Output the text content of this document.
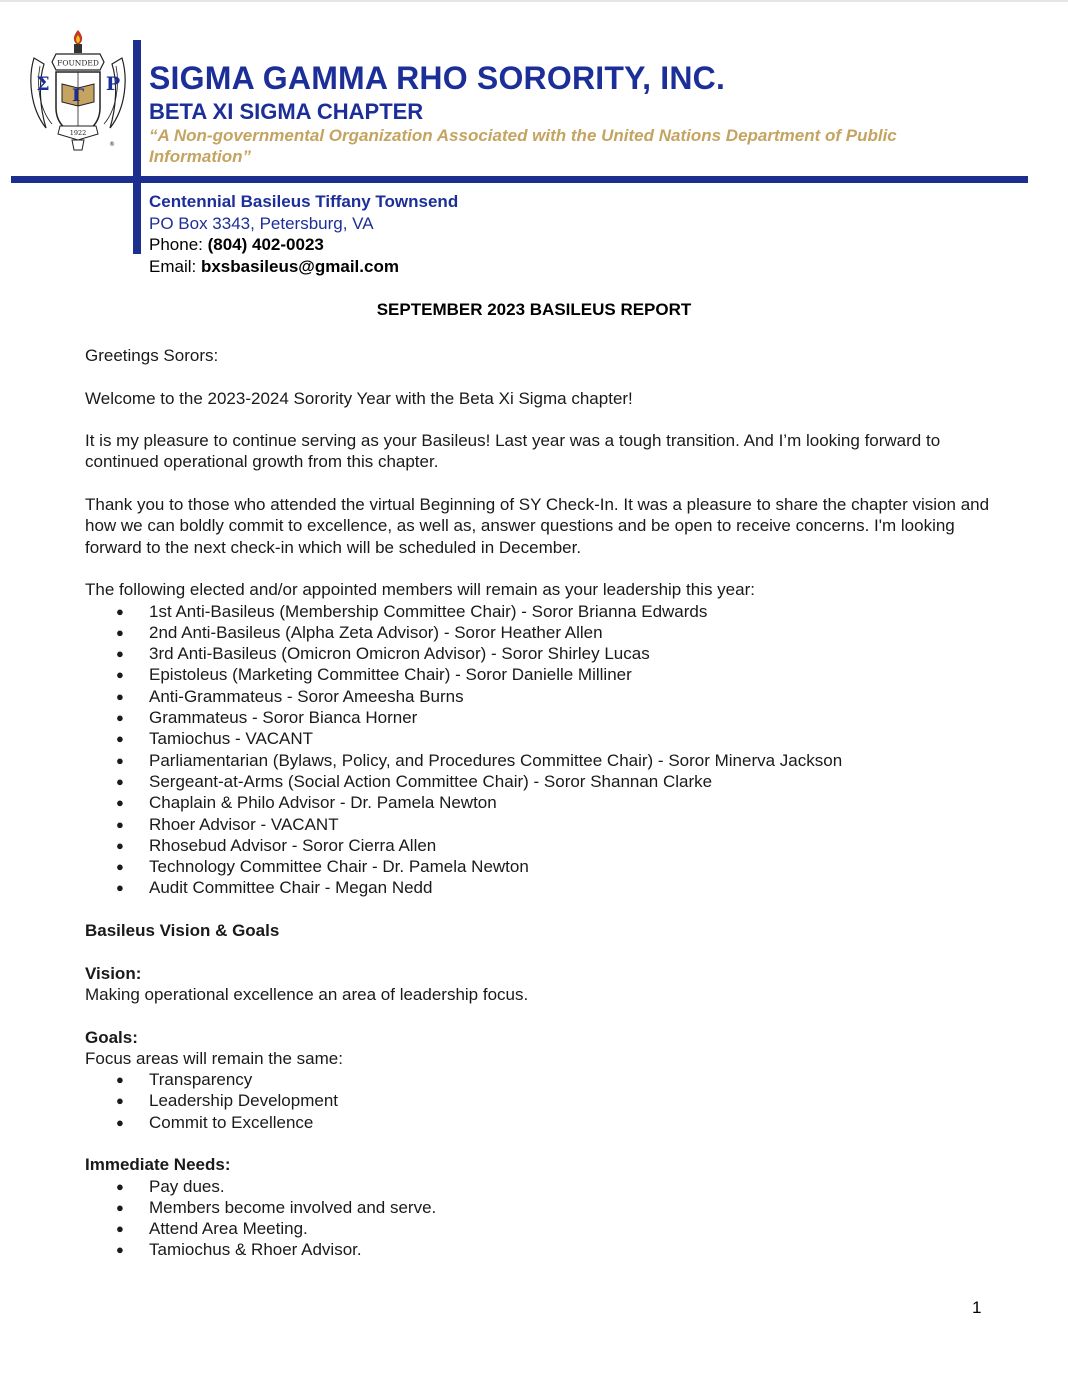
FOUNDED
Σ
Γ
Ρ
1922
®
SIGMA GAMMA RHO SORORITY, INC.
BETA XI SIGMA CHAPTER
“A Non-governmental Organization Associated with the United Nations Department of Public Information”
Centennial Basileus Tiffany Townsend
PO Box 3343, Petersburg, VA
Phone: (804) 402-0023
Email: bxsbasileus@gmail.com
SEPTEMBER 2023 BASILEUS REPORT

Greetings Sorors:

Welcome to the 2023-2024 Sorority Year with the Beta Xi Sigma chapter!

It is my pleasure to continue serving as your Basileus! Last year was a tough transition. And I’m looking forward to continued operational growth from this chapter.

Thank you to those who attended the virtual Beginning of SY Check-In. It was a pleasure to share the chapter vision and how we can boldly commit to excellence, as well as, answer questions and be open to receive concerns. I'm looking forward to the next check-in which will be scheduled in December.

The following elected and/or appointed members will remain as your leadership this year:

● 1st Anti-Basileus (Membership Committee Chair) - Soror Brianna Edwards
● 2nd Anti-Basileus (Alpha Zeta Advisor) - Soror Heather Allen
● 3rd Anti-Basileus (Omicron Omicron Advisor) - Soror Shirley Lucas
● Epistoleus (Marketing Committee Chair) - Soror Danielle Milliner
● Anti-Grammateus - Soror Ameesha Burns
● Grammateus - Soror Bianca Horner
● Tamiochus - VACANT
● Parliamentarian (Bylaws, Policy, and Procedures Committee Chair) - Soror Minerva Jackson
● Sergeant-at-Arms (Social Action Committee Chair) - Soror Shannan Clarke
● Chaplain & Philo Advisor - Dr. Pamela Newton
● Rhoer Advisor - VACANT
● Rhosebud Advisor - Soror Cierra Allen
● Technology Committee Chair - Dr. Pamela Newton
● Audit Committee Chair - Megan Nedd
Basileus Vision & Goals
Vision:

Making operational excellence an area of leadership focus.

Goals:

Focus areas will remain the same:

● Transparency
● Leadership Development
● Commit to Excellence
Immediate Needs:
● Pay dues.
● Members become involved and serve.
● Attend Area Meeting.
● Tamiochus & Rhoer Advisor.
1
